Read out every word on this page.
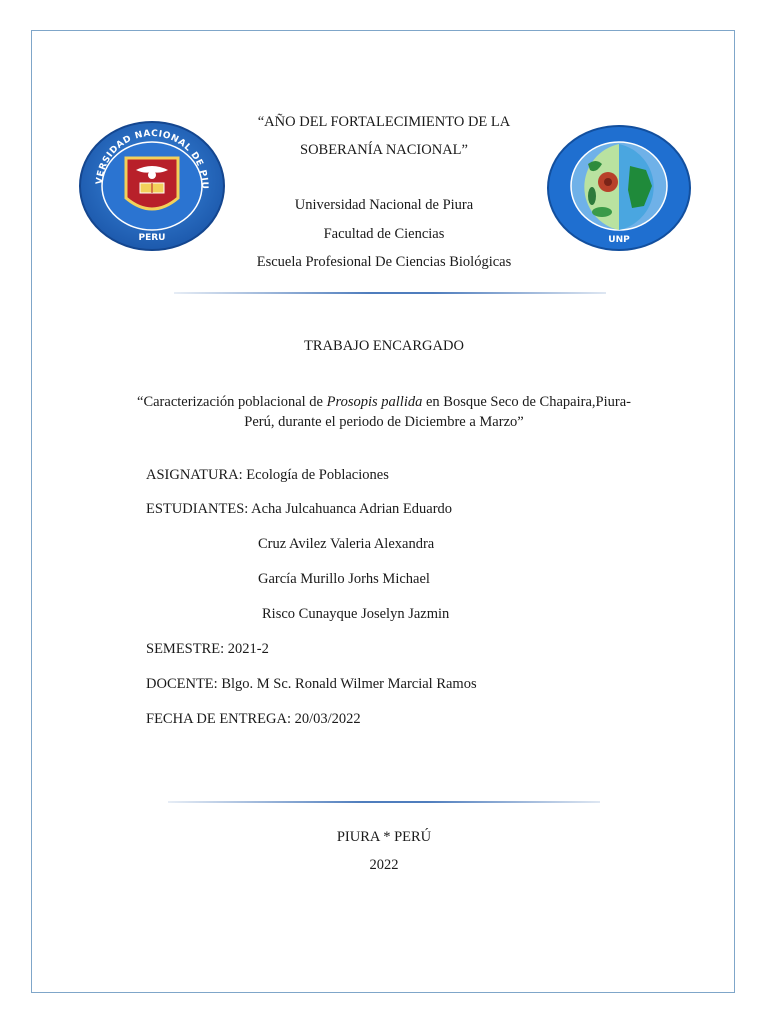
VERSIDAD NACIONAL DE PIU
PERU	UNP
“AÑO DEL FORTALECIMIENTO DE LA
SOBERANÍA NACIONAL”
Universidad Nacional de Piura
Facultad de Ciencias
Escuela Profesional De Ciencias Biológicas
TRABAJO ENCARGADO
“Caracterización poblacional de Prosopis pallida en Bosque Seco de Chapaira,Piura-
Perú, durante el periodo de Diciembre a Marzo”
ASIGNATURA: Ecología de Poblaciones
ESTUDIANTES: Acha Julcahuanca Adrian Eduardo
Cruz Avilez Valeria Alexandra
García Murillo Jorhs Michael
Risco Cunayque Joselyn Jazmin
SEMESTRE: 2021-2
DOCENTE: Blgo. M Sc. Ronald Wilmer Marcial Ramos
FECHA DE ENTREGA: 20/03/2022
PIURA * PERÚ
2022
